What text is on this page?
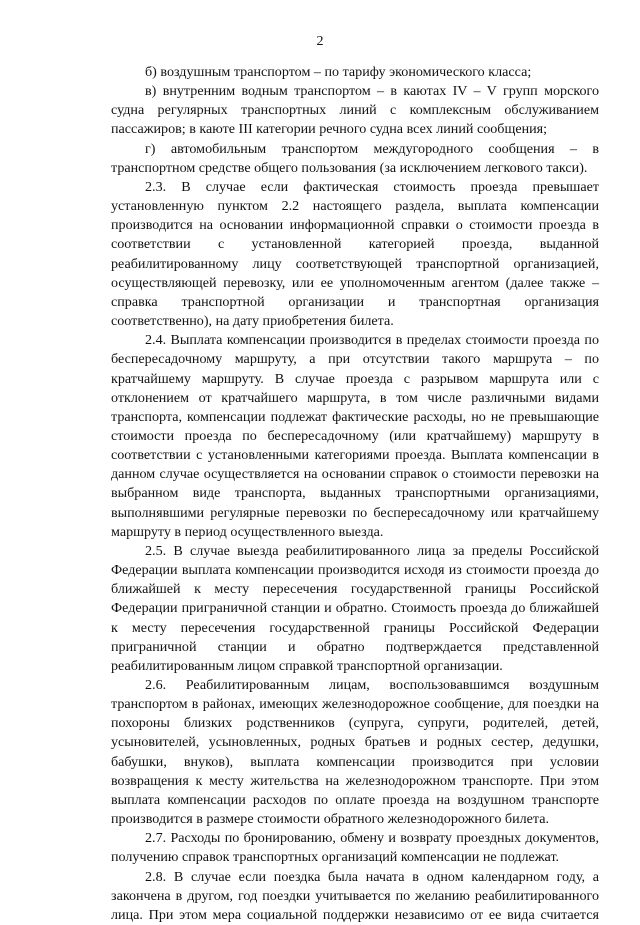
2

б) воздушным транспортом – по тарифу экономического класса;

в) внутренним водным транспортом – в каютах IV – V групп морского судна регулярных транспортных линий с комплексным обслуживанием пассажиров; в каюте III категории речного судна всех линий сообщения;

г) автомобильным транспортом междугородного сообщения – в транспортном средстве общего пользования (за исключением легкового такси).

2.3. В случае если фактическая стоимость проезда превышает установленную пунктом 2.2 настоящего раздела, выплата компенсации производится на основании информационной справки о стоимости проезда в соответствии с установленной категорией проезда, выданной реабилитированному лицу соответствующей транспортной организацией, осуществляющей перевозку, или ее уполномоченным агентом (далее также – справка транспортной организации и транспортная организация соответственно), на дату приобретения билета.

2.4. Выплата компенсации производится в пределах стоимости проезда по беспересадочному маршруту, а при отсутствии такого маршрута – по кратчайшему маршруту. В случае проезда с разрывом маршрута или с отклонением от кратчайшего маршрута, в том числе различными видами транспорта, компенсации подлежат фактические расходы, но не превышающие стоимости проезда по беспересадочному (или кратчайшему) маршруту в соответствии с установленными категориями проезда. Выплата компенсации в данном случае осуществляется на основании справок о стоимости перевозки на выбранном виде транспорта, выданных транспортными организациями, выполнявшими регулярные перевозки по беспересадочному или кратчайшему маршруту в период осуществленного выезда.

2.5. В случае выезда реабилитированного лица за пределы Российской Федерации выплата компенсации производится исходя из стоимости проезда до ближайшей к месту пересечения государственной границы Российской Федерации приграничной станции и обратно. Стоимость проезда до ближайшей к месту пересечения государственной границы Российской Федерации приграничной станции и обратно подтверждается представленной реабилитированным лицом справкой транспортной организации.

2.6. Реабилитированным лицам, воспользовавшимся воздушным транспортом в районах, имеющих железнодорожное сообщение, для поездки на похороны близких родственников (супруга, супруги, родителей, детей, усыновителей, усыновленных, родных братьев и родных сестер, дедушки, бабушки, внуков), выплата компенсации производится при условии возвращения к месту жительства на железнодорожном транспорте. При этом выплата компенсации расходов по оплате проезда на воздушном транспорте производится в размере стоимости обратного железнодорожного билета.

2.7. Расходы по бронированию, обмену и возврату проездных документов, получению справок транспортных организаций компенсации не подлежат.

2.8. В случае если поездка была начата в одном календарном году, а закончена в другом, год поездки учитывается по желанию реабилитированного лица. При этом мера социальной поддержки независимо от ее вида считается
